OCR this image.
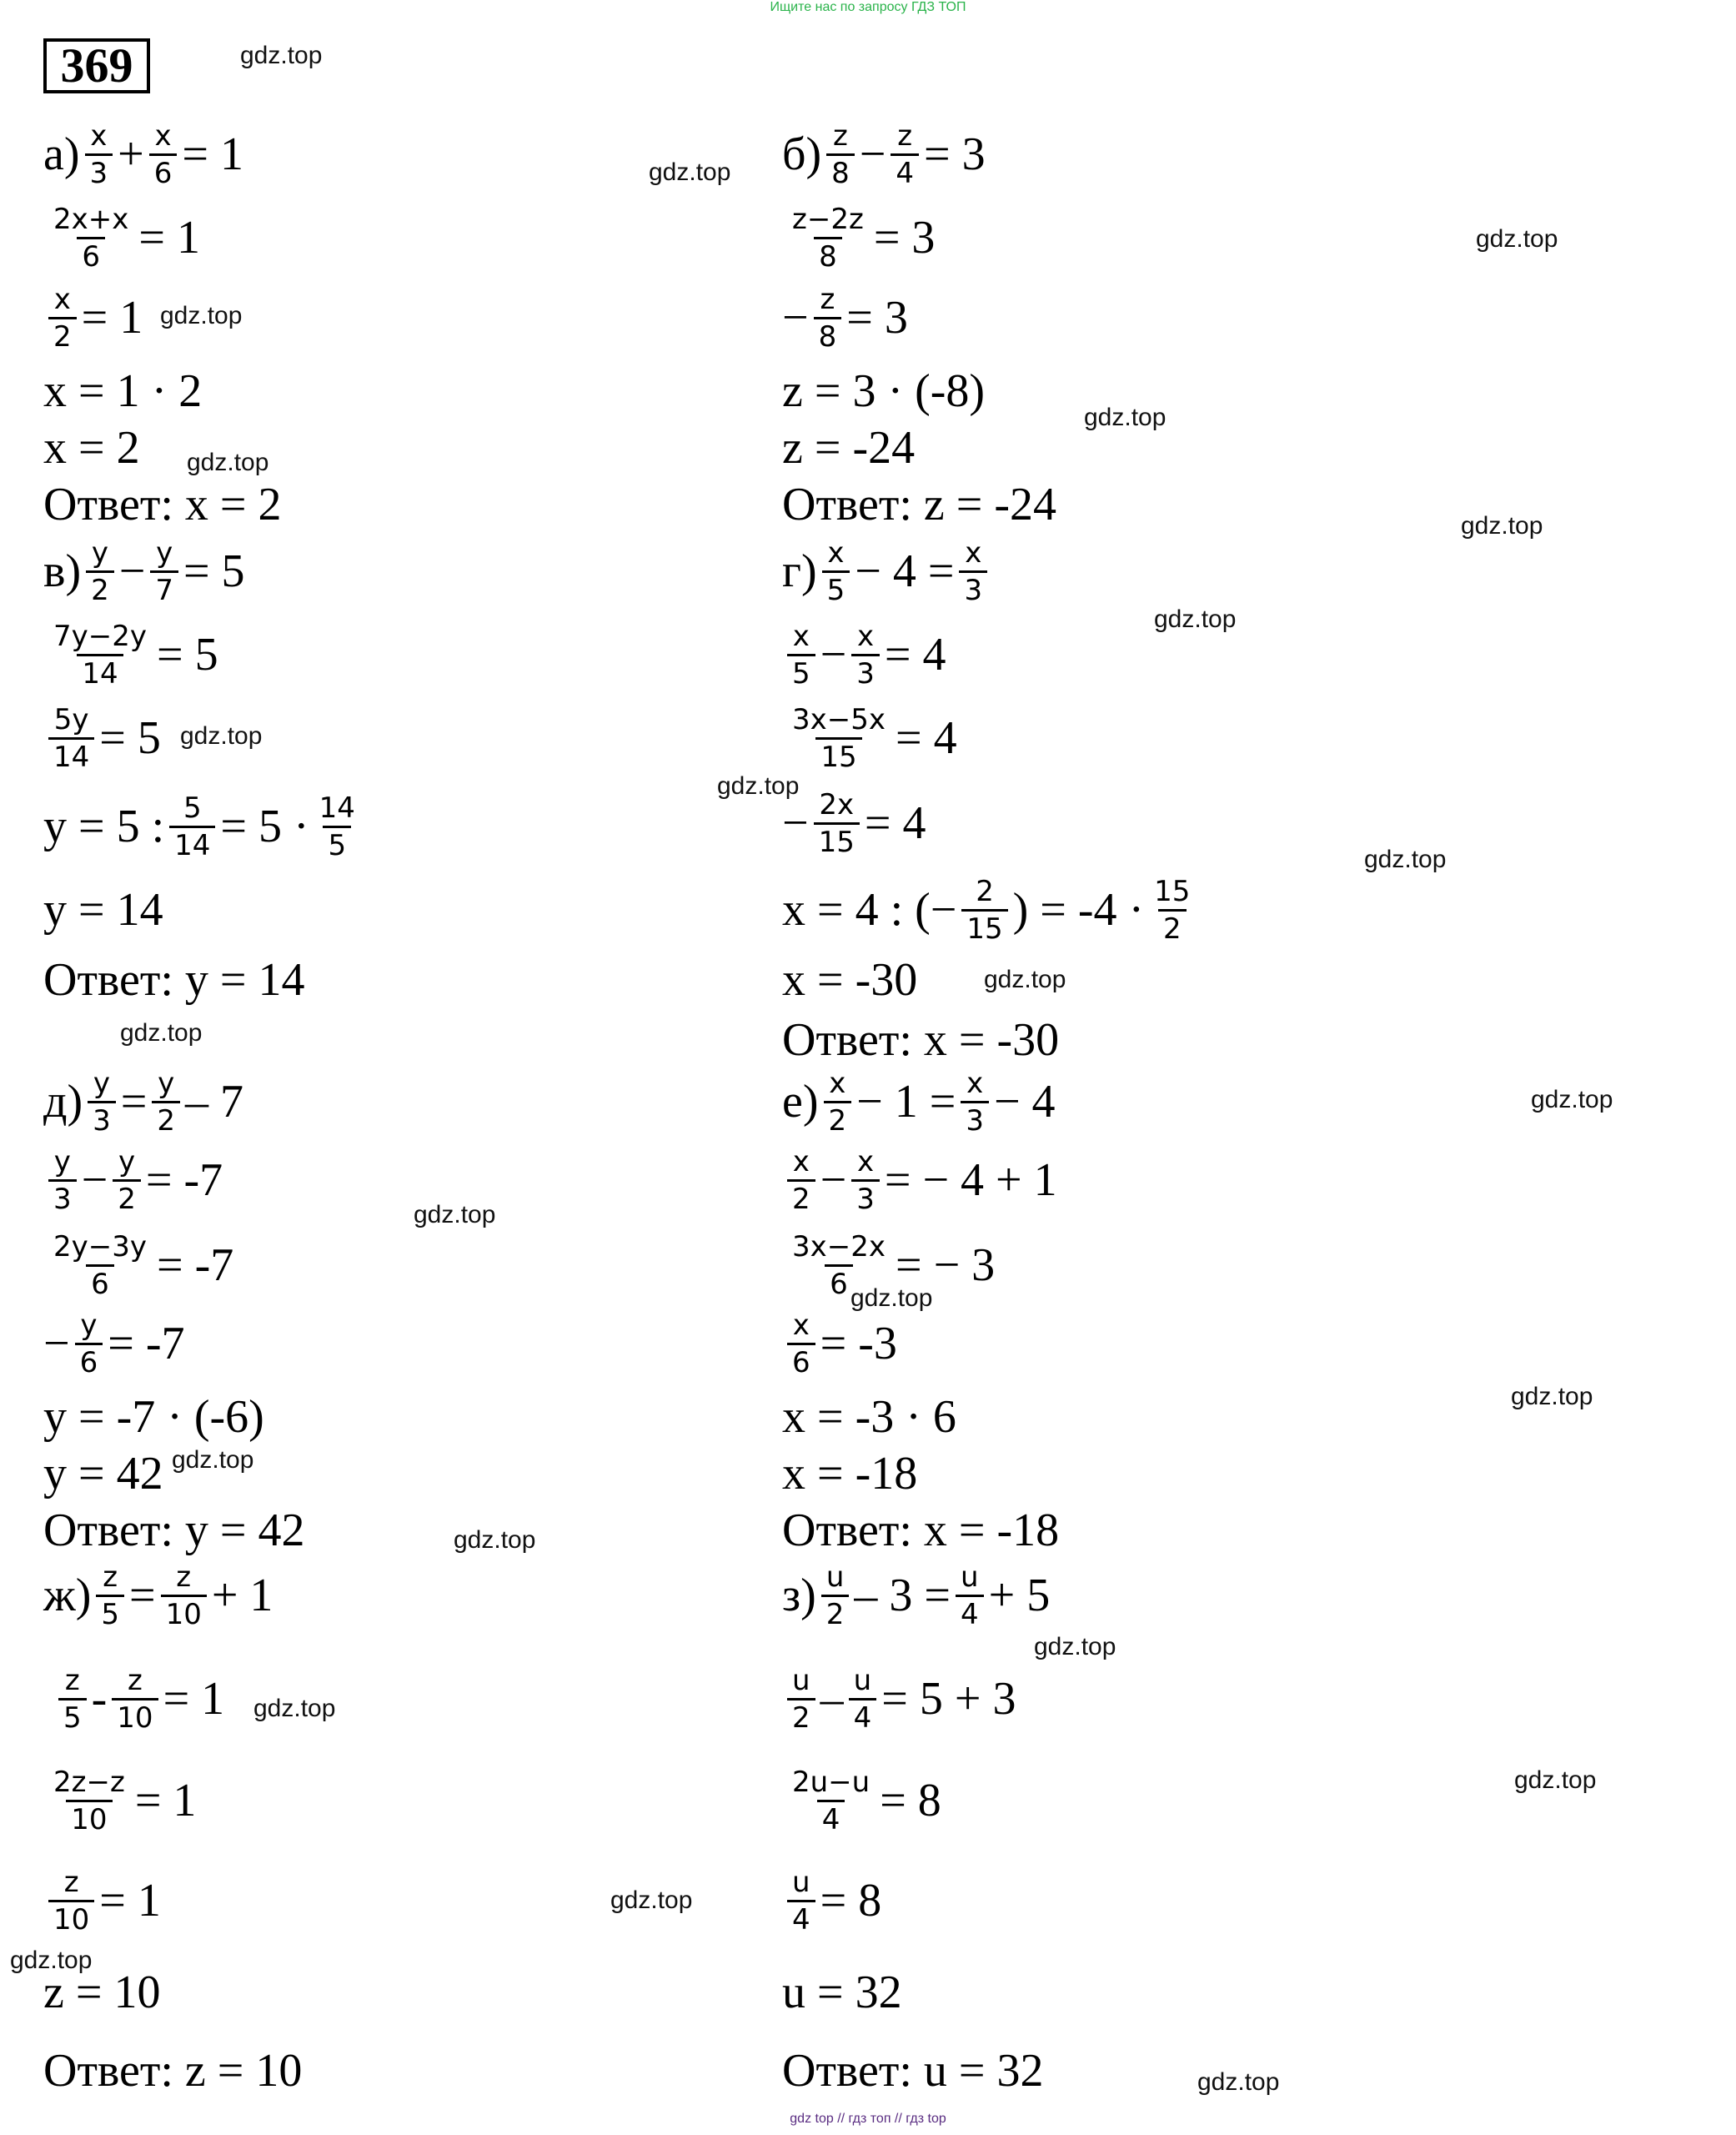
Ищите нас по запросу ГДЗ ТОП
369
$а) \frac{x}{3} + \frac{x}{6} = 1$
$\frac{2x+x}{6} = 1$
$\frac{x}{2} = 1$
x = 1 · 2
x = 2
Ответ: x = 2
$в) \frac{y}{2} - \frac{y}{7} = 5$
$\frac{7y-2y}{14} = 5$
$\frac{5y}{14} = 5$
y = 5 : $\frac{5}{14} = 5 \cdot \frac{14}{5}$
y = 14
Ответ: y = 14
$д) \frac{y}{3} = \frac{y}{2} - 7$
$\frac{y}{3} - \frac{y}{2} = -7$
$\frac{2y-3y}{6} = -7$
− $\frac{y}{6} = -7$
y = -7 · (-6)
y = 42
Ответ: y = 42
$ж) \frac{z}{5} = \frac{z}{10} + 1$
$\frac{z}{5} - \frac{z}{10} = 1$
$\frac{2z-z}{10} = 1$
$\frac{z}{10} = 1$
z = 10
Ответ: z = 10
$б) \frac{z}{8} - \frac{z}{4} = 3$
$\frac{z-2z}{8} = 3$
− $\frac{z}{8} = 3$
z = 3 · (-8)
z = -24
Ответ: z = -24
$г) \frac{x}{5} - 4 = \frac{x}{3}$
$\frac{x}{5} - \frac{x}{3} = 4$
$\frac{3x-5x}{15} = 4$
− $\frac{2x}{15} = 4$
x = 4 : (− $\frac{2}{15}$ ) = $-4 \cdot \frac{15}{2}$
x = -30
Ответ: x = -30
$е) \frac{x}{2} - 1 = \frac{x}{3} - 4$
$\frac{x}{2} - \frac{x}{3}$ = − 4 + 1
$\frac{3x-2x}{6}$ = − 3
$\frac{x}{6} = -3$
x = -3 · 6
x = -18
Ответ: x = -18
$з) \frac{u}{2} - 3 = \frac{u}{4} + 5$
$\frac{u}{2} - \frac{u}{4} = 5 + 3$
$\frac{2u-u}{4} = 8$
$\frac{u}{4} = 8$
u = 32
Ответ: u = 32
gdz.top
gdz.top
gdz.top
gdz.top
gdz.top
gdz.top
gdz.top
gdz.top
gdz.top
gdz.top
gdz.top
gdz.top
gdz.top
gdz.top
gdz.top
gdz.top
gdz.top
gdz.top
gdz.top
gdz.top
gdz.top
gdz.top
gdz.top
gdz.top
gdz.top
gdz top // гдз топ // гдз top
